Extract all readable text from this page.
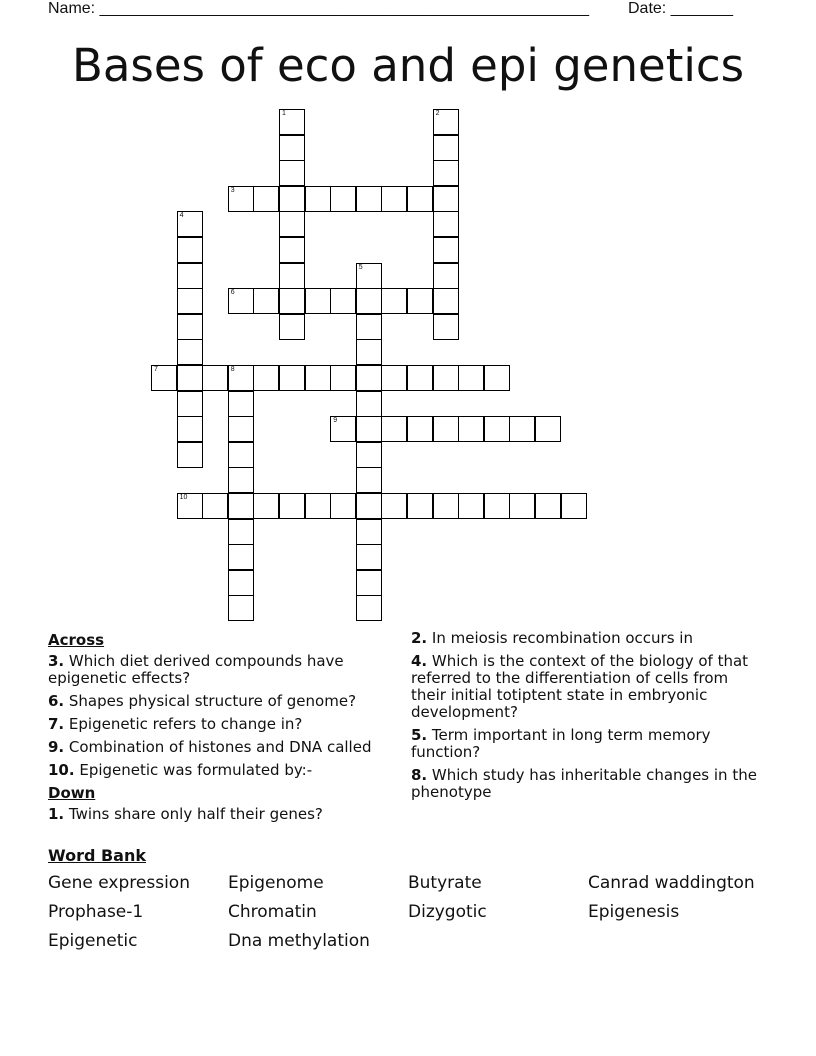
Name: _______________________________________________________ Date: _______
Bases of eco and epi genetics
1	2
3
4
5
6
7	8
9
10
Across
3. Which diet derived compounds have epigenetic effects?
6. Shapes physical structure of genome?
7. Epigenetic refers to change in?
9. Combination of histones and DNA called
10. Epigenetic was formulated by:-
Down
1. Twins share only half their genes?
2. In meiosis recombination occurs in
4. Which is the context of the biology of that referred to the differentiation of cells from their initial totiptent state in embryonic development?
5. Term important in long term memory function?
8. Which study has inheritable changes in the phenotype
Word Bank
Gene expression	Epigenome	Butyrate	Canrad waddington
Prophase-1	Chromatin	Dizygotic	Epigenesis
Epigenetic	Dna methylation
